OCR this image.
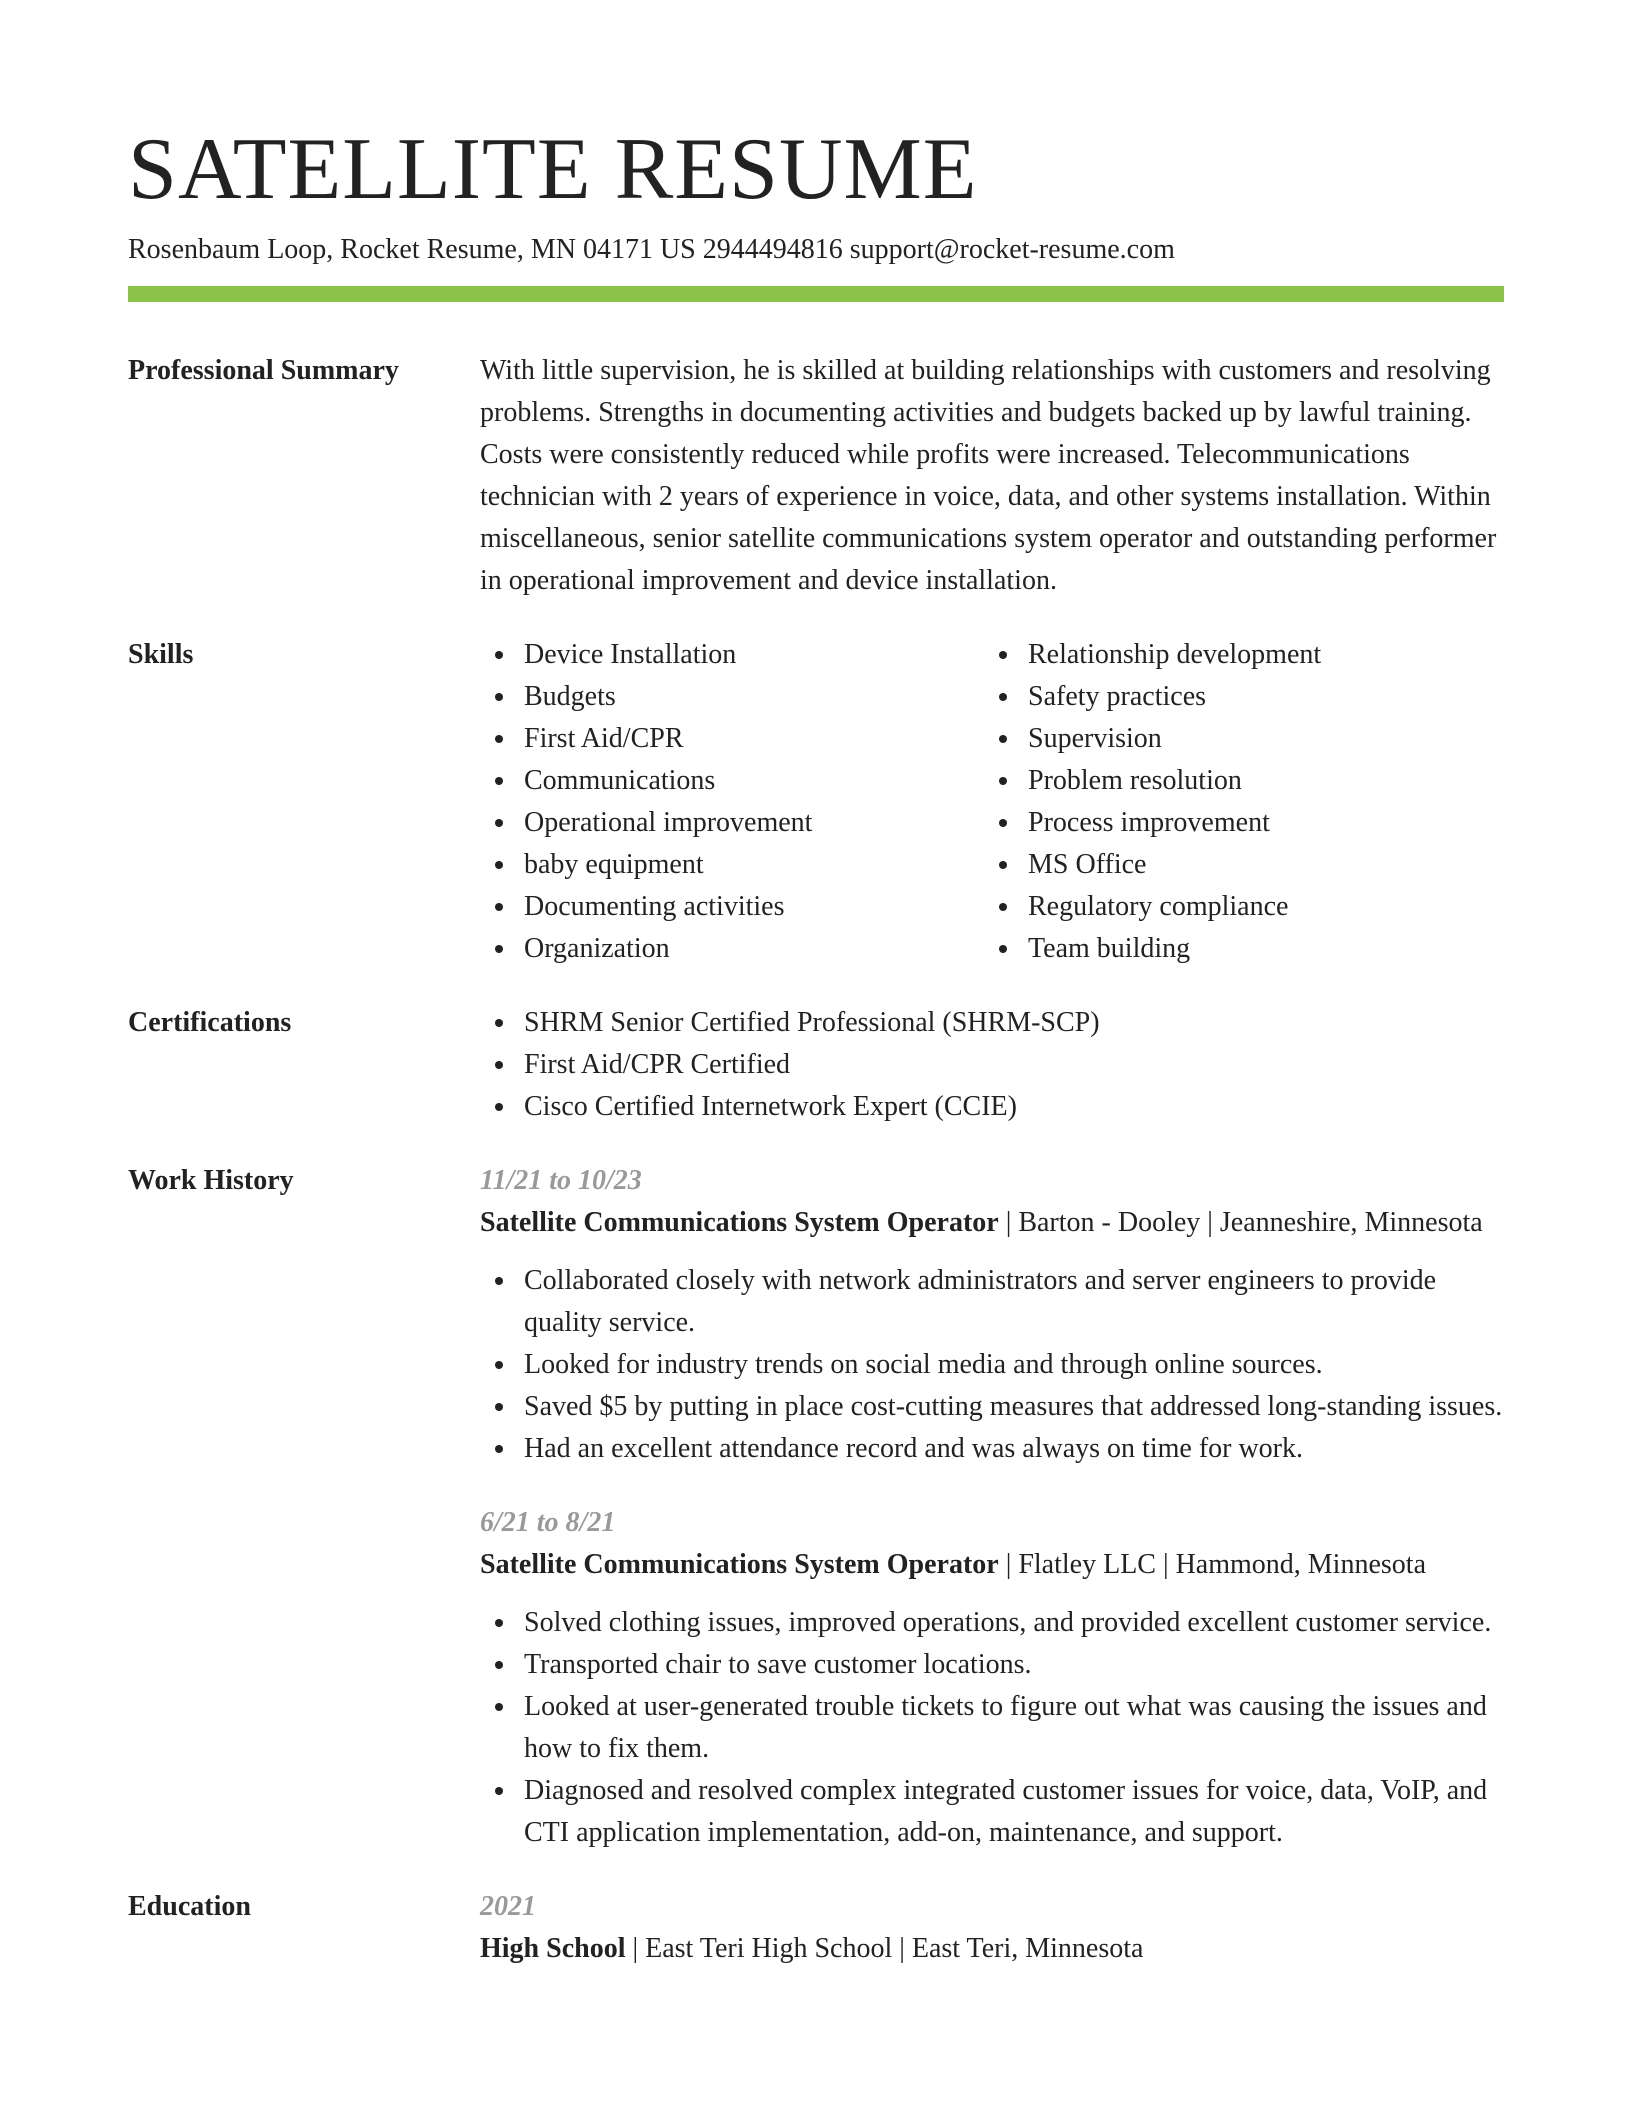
SATELLITE RESUME
Rosenbaum Loop, Rocket Resume, MN 04171 US 2944494816 support@rocket-resume.com
Professional Summary	With little supervision, he is skilled at building relationships with customers and resolving problems. Strengths in documenting activities and budgets backed up by lawful training. Costs were consistently reduced while profits were increased. Telecommunications technician with 2 years of experience in voice, data, and other systems installation. Within miscellaneous, senior satellite communications system operator and outstanding performer in operational improvement and device installation.
Skills	Device Installation
Budgets
First Aid/CPR
Communications
Operational improvement
baby equipment
Documenting activities
Organization
Relationship development
Safety practices
Supervision
Problem resolution
Process improvement
MS Office
Regulatory compliance
Team building
Certifications	SHRM Senior Certified Professional (SHRM-SCP)
First Aid/CPR Certified
Cisco Certified Internetwork Expert (CCIE)
Work History	11/21 to 10/23
Satellite Communications System Operator | Barton - Dooley | Jeanneshire, Minnesota
Collaborated closely with network administrators and server engineers to provide quality service.
Looked for industry trends on social media and through online sources.
Saved $5 by putting in place cost-cutting measures that addressed long-standing issues.
Had an excellent attendance record and was always on time for work.
6/21 to 8/21
Satellite Communications System Operator | Flatley LLC | Hammond, Minnesota
Solved clothing issues, improved operations, and provided excellent customer service.
Transported chair to save customer locations.
Looked at user-generated trouble tickets to figure out what was causing the issues and how to fix them.
Diagnosed and resolved complex integrated customer issues for voice, data, VoIP, and CTI application implementation, add-on, maintenance, and support.
Education	2021
High School | East Teri High School | East Teri, Minnesota
